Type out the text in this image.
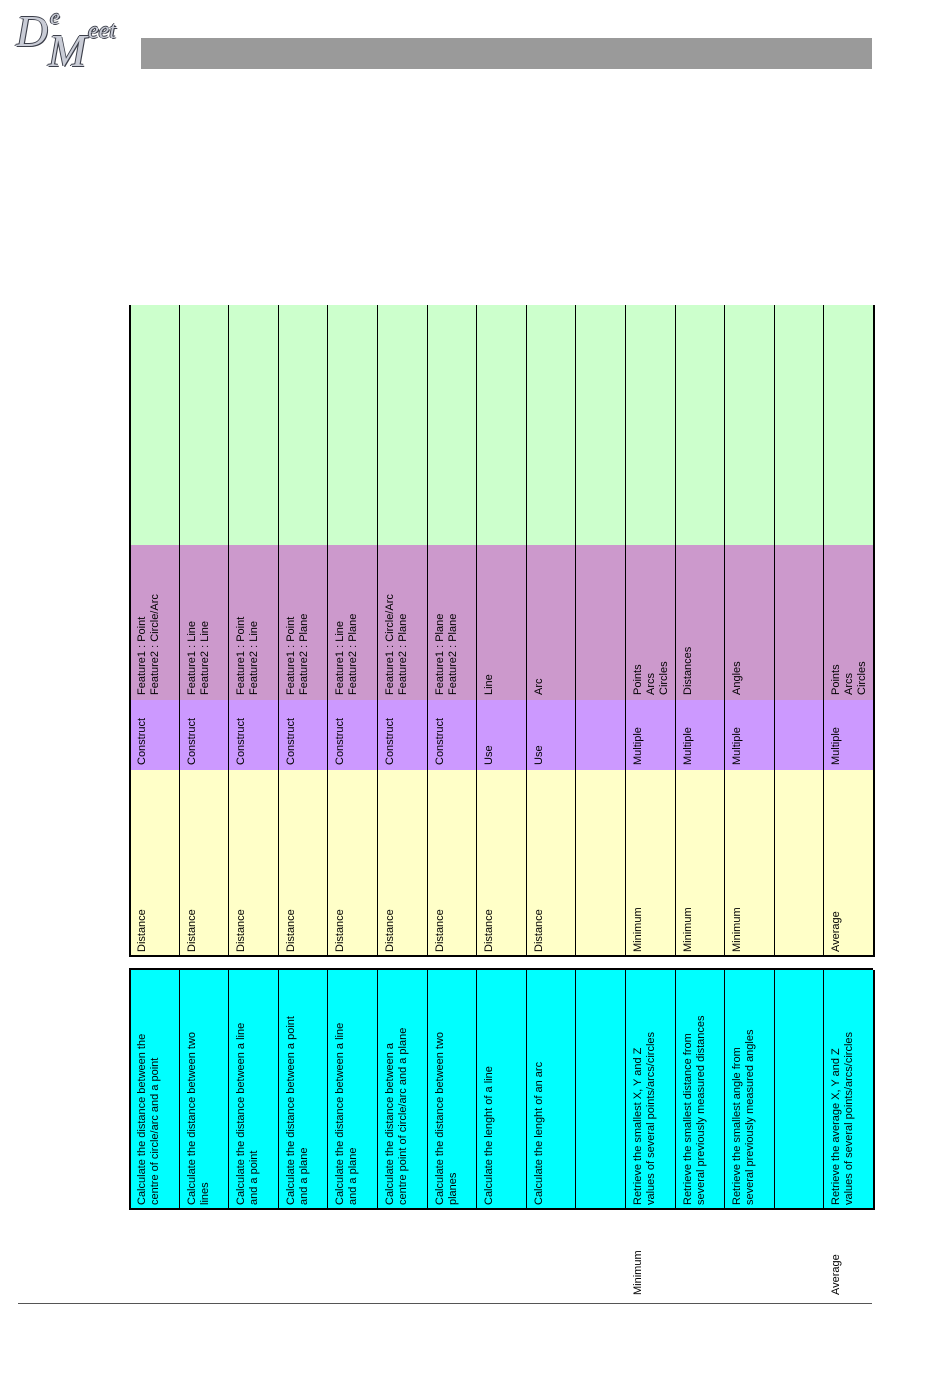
D e
M eet
Minimum	Average
Calculate the distance between the
centre of circle/arc and a point
Distance
Construct
Feature1 : Point
Feature2 : Circle/Arc
Calculate the distance between two
lines
Distance
Construct
Feature1 : Line
Feature2 : Line
Calculate the distance between a line
and a point
Distance
Construct
Feature1 : Point
Feature2 : Line
Calculate the distance between a point
and a plane
Distance
Construct
Feature1 : Point
Feature2 : Plane
Calculate the distance between a line
and a plane
Distance
Construct
Feature1 : Line
Feature2 : Plane
Calculate the distance between a
centre point of circle/arc and a plane
Distance
Construct
Feature1 : Circle/Arc
Feature2 : Plane
Calculate the distance between two
planes
Distance
Construct
Feature1 : Plane
Feature2 : Plane
Calculate the lenght of a line
Distance
Use
Line
Calculate the lenght of an arc
Distance
Use
Arc
Retrieve the smallest X, Y and Z
values of several points/arcs/circles
Minimum
Multiple
Points
Arcs
Circles
Retrieve the smallest distance from
several previously measured distances
Minimum
Multiple
Distances
Retrieve the smallest angle from
several previously measured angles
Minimum
Multiple
Angles
Retrieve the average X, Y and Z
values of several points/arcs/circles
Average
Multiple
Points
Arcs
Circles
